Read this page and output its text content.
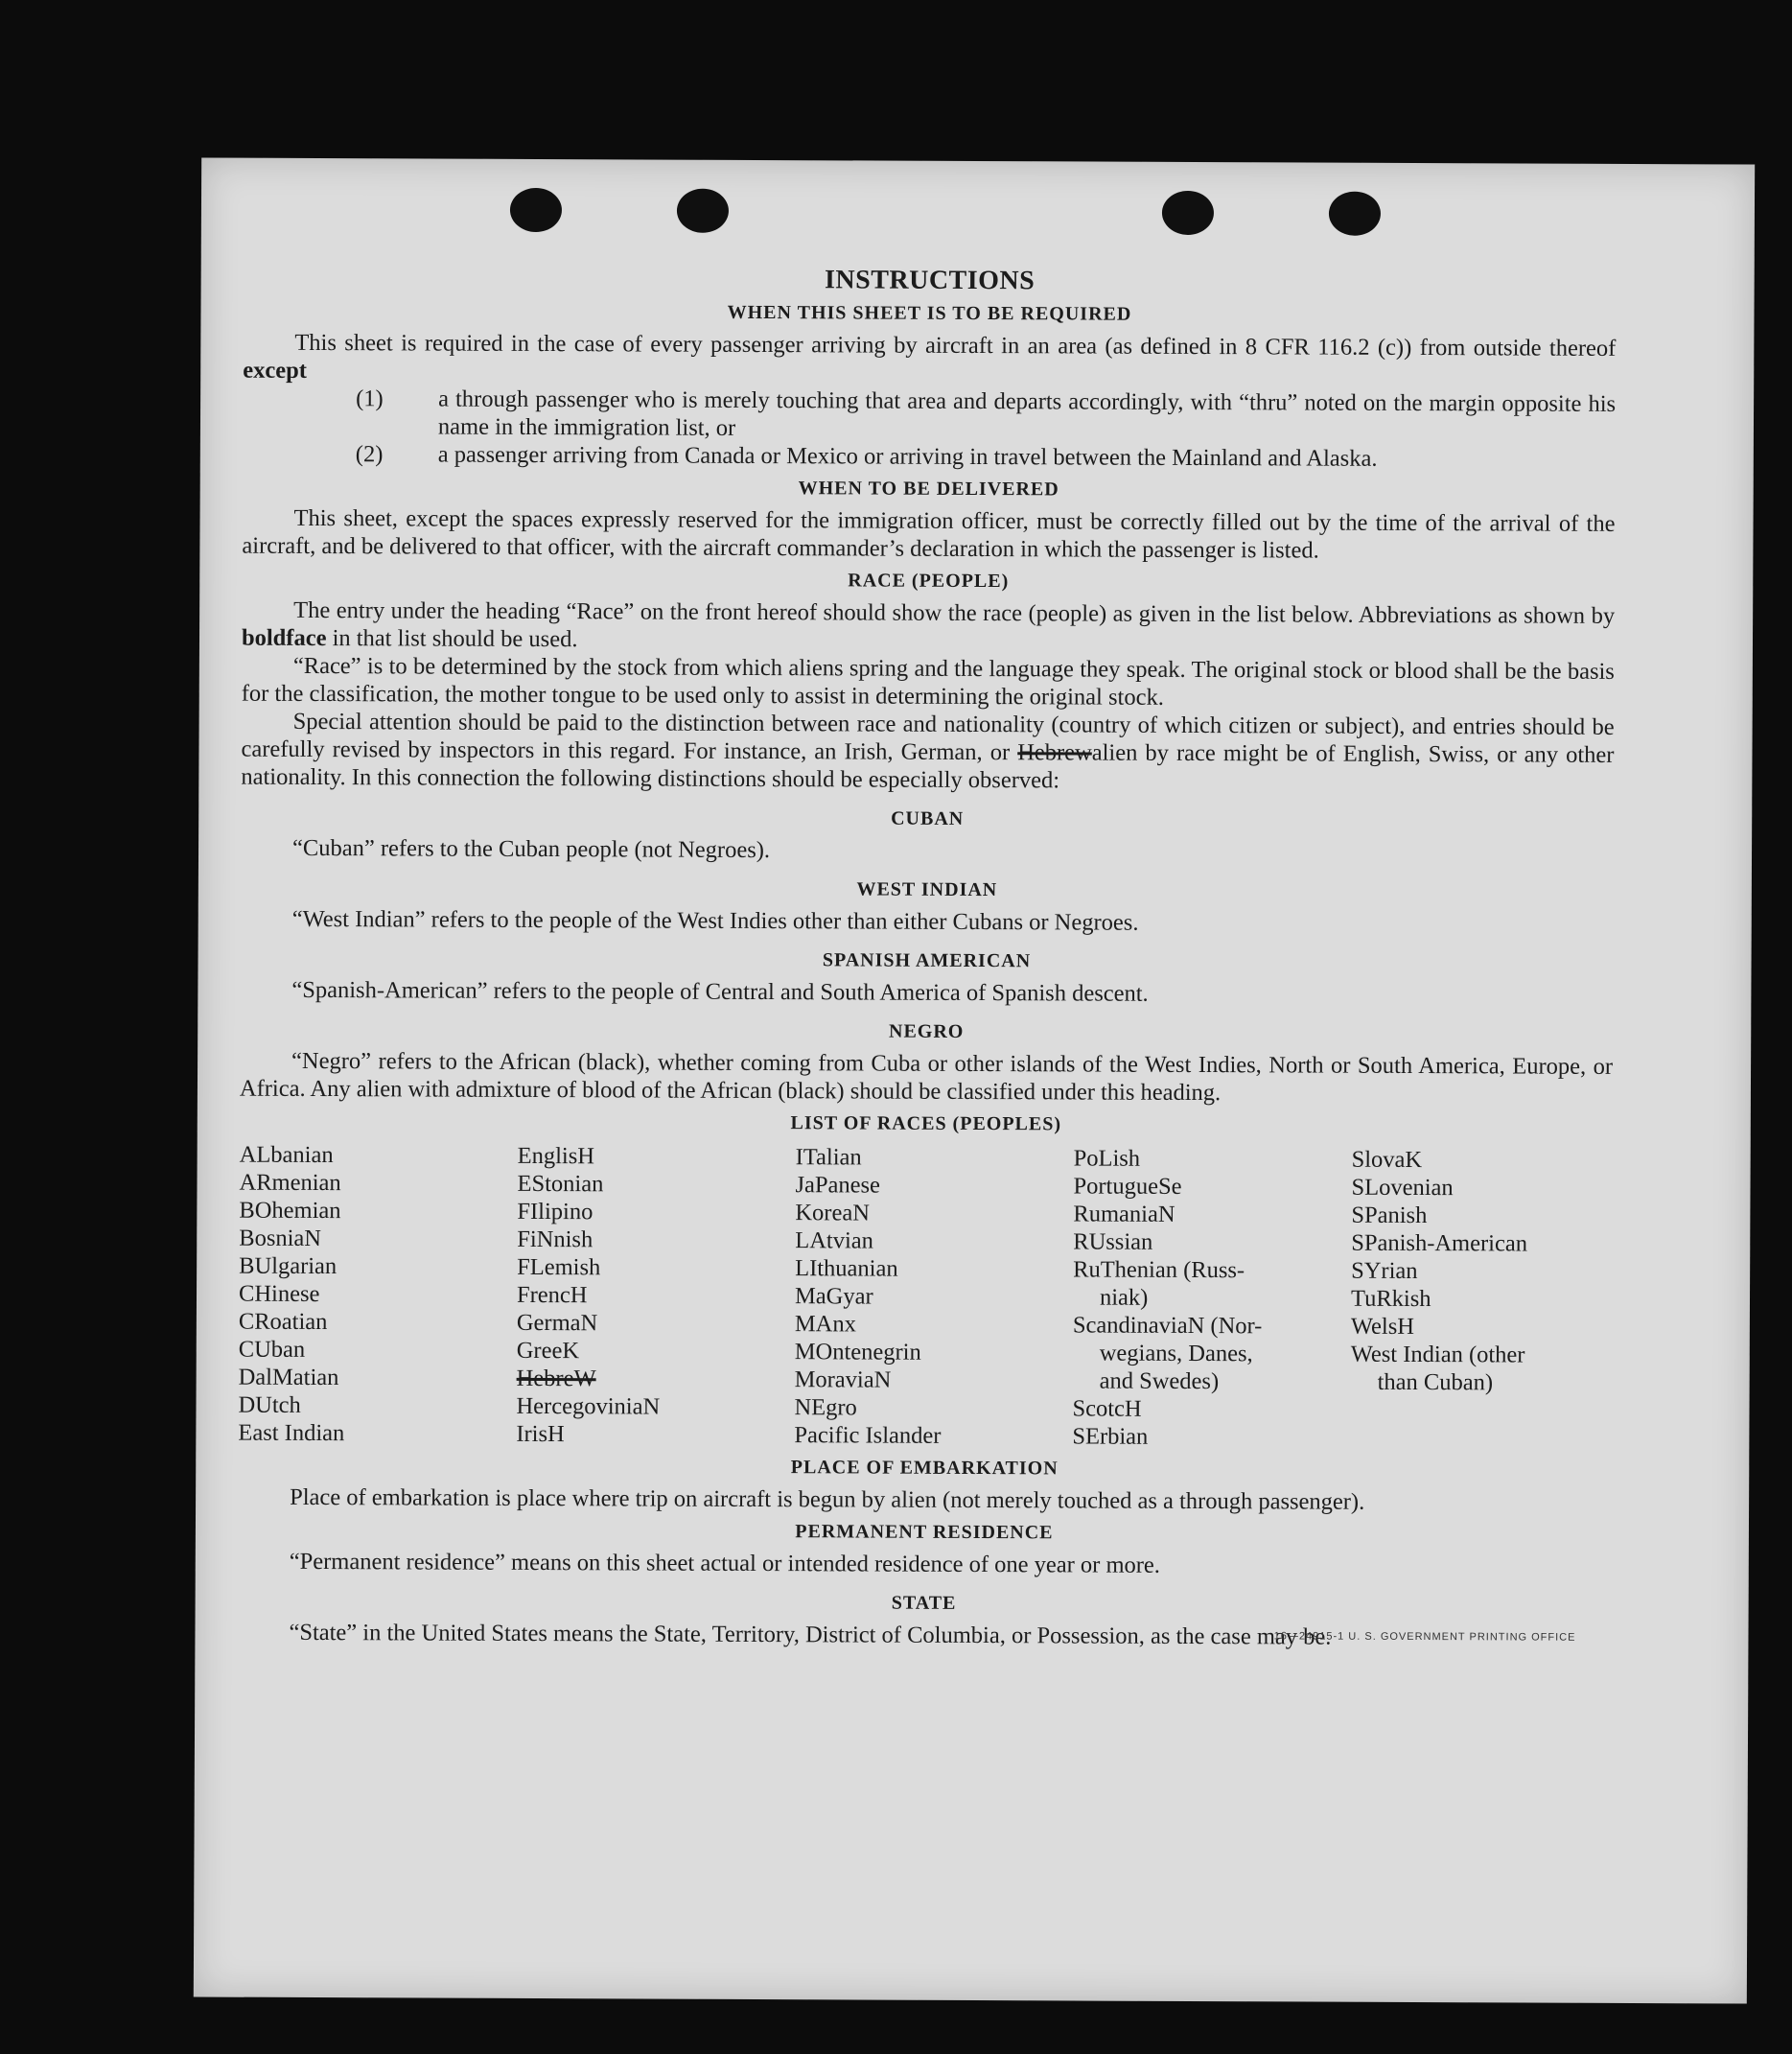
INSTRUCTIONS
WHEN THIS SHEET IS TO BE REQUIRED

This sheet is required in the case of every passenger arriving by aircraft in an area (as defined in 8 CFR 116.2 (c)) from outside thereof except

(1) a through passenger who is merely touching that area and departs accordingly, with “thru” noted on the margin opposite his name in the immigration list, or
(2) a passenger arriving from Canada or Mexico or arriving in travel between the Mainland and Alaska.
WHEN TO BE DELIVERED

This sheet, except the spaces expressly reserved for the immigration officer, must be correctly filled out by the time of the arrival of the aircraft, and be delivered to that officer, with the aircraft commander’s declaration in which the passenger is listed.

RACE (PEOPLE)

The entry under the heading “Race” on the front hereof should show the race (people) as given in the list below. Abbreviations as shown by boldface in that list should be used.

“Race” is to be determined by the stock from which aliens spring and the language they speak. The original stock or blood shall be the basis for the classification, the mother tongue to be used only to assist in determining the original stock.

Special attention should be paid to the distinction between race and nationality (country of which citizen or subject), and entries should be carefully revised by inspectors in this regard. For instance, an Irish, German, or Hebrewalien by race might be of English, Swiss, or any other nationality. In this connection the following distinctions should be especially observed:

CUBAN

“Cuban” refers to the Cuban people (not Negroes).

WEST INDIAN

“West Indian” refers to the people of the West Indies other than either Cubans or Negroes.

SPANISH AMERICAN

“Spanish-American” refers to the people of Central and South America of Spanish descent.

NEGRO

“Negro” refers to the African (black), whether coming from Cuba or other islands of the West Indies, North or South America, Europe, or Africa. Any alien with admixture of blood of the African (black) should be classified under this heading.

LIST OF RACES (PEOPLES)
ALbanian
ARmenian
BOhemian
BosniaN
BUlgarian
CHinese
CRoatian
CUban
DalMatian
DUtch
East Indian
EnglisH
EStonian
FIlipino
FiNnish
FLemish
FrencH
GermaN
GreeK
HebreW
HercegoviniaN
IrisH
ITalian
JaPanese
KoreaN
LAtvian
LIthuanian
MaGyar
MAnx
MOntenegrin
MoraviaN
NEgro
Pacific Islander
PoLish
PortugueSe
RumaniaN
RUssian
RuThenian (Russ-
niak)
ScandinaviaN (Nor-
wegians, Danes,
and Swedes)
ScotcH
SErbian
SlovaK
SLovenian
SPanish
SPanish-American
SYrian
TuRkish
WelsH
West Indian (other
than Cuban)
PLACE OF EMBARKATION

Place of embarkation is place where trip on aircraft is begun by alien (not merely touched as a through passenger).

PERMANENT RESIDENCE

“Permanent residence” means on this sheet actual or intended residence of one year or more.

STATE

“State” in the United States means the State, Territory, District of Columbia, or Possession, as the case may be.

16—24915-1 U. S. GOVERNMENT PRINTING OFFICE
